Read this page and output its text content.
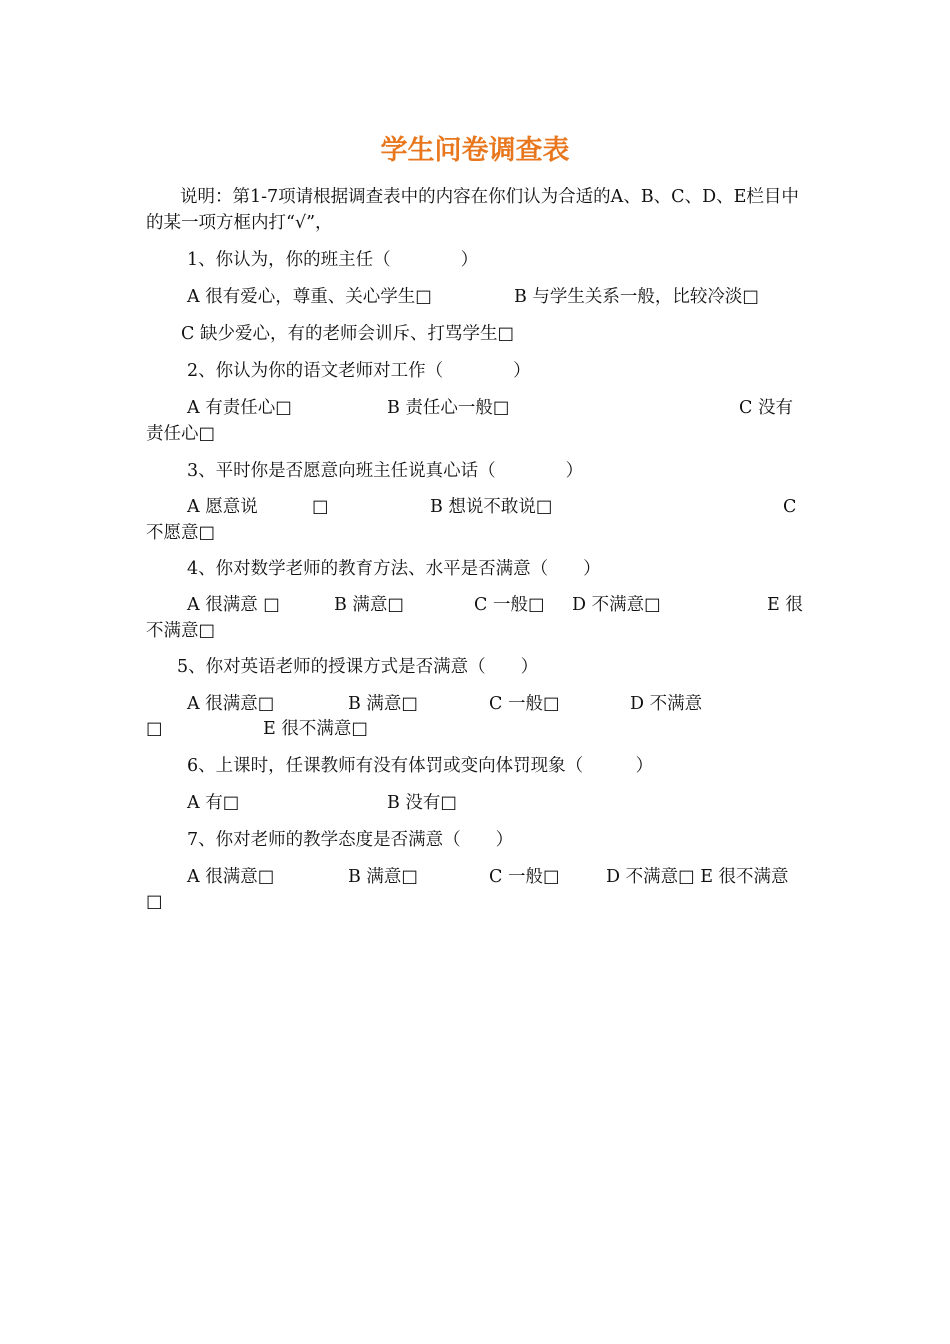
学生问卷调查表
说明：第1-7项请根据调查表中的内容在你们认为合适的A、B、C、D、E栏目中的某一项方框内打“√”，
1、你认为，你的班主任（　　　　）
A 很有爱心，尊重、关心学生□	B 与学生关系一般，比较冷淡□
C 缺少爱心，有的老师会训斥、打骂学生□
2、你认为你的语文老师对工作（　　　　）
A 有责任心□	B 责任心一般□	C 没有
责任心□
3、平时你是否愿意向班主任说真心话（　　　　）
A 愿意说	□	B 想说不敢说□	C
不愿意□
4、你对数学老师的教育方法、水平是否满意（　　）
A 很满意 □	B 满意□	C 一般□ D 不满意□	E 很
不满意□
5、你对英语老师的授课方式是否满意（　　）
A 很满意□	B 满意□	C 一般□	D 不满意
□	E 很不满意□
6、上课时，任课教师有没有体罚或变向体罚现象（　　　）
A 有□	B 没有□
7、你对老师的教学态度是否满意（　　）
A 很满意□	B 满意□	C 一般□	D 不满意□ E 很不满意
□
